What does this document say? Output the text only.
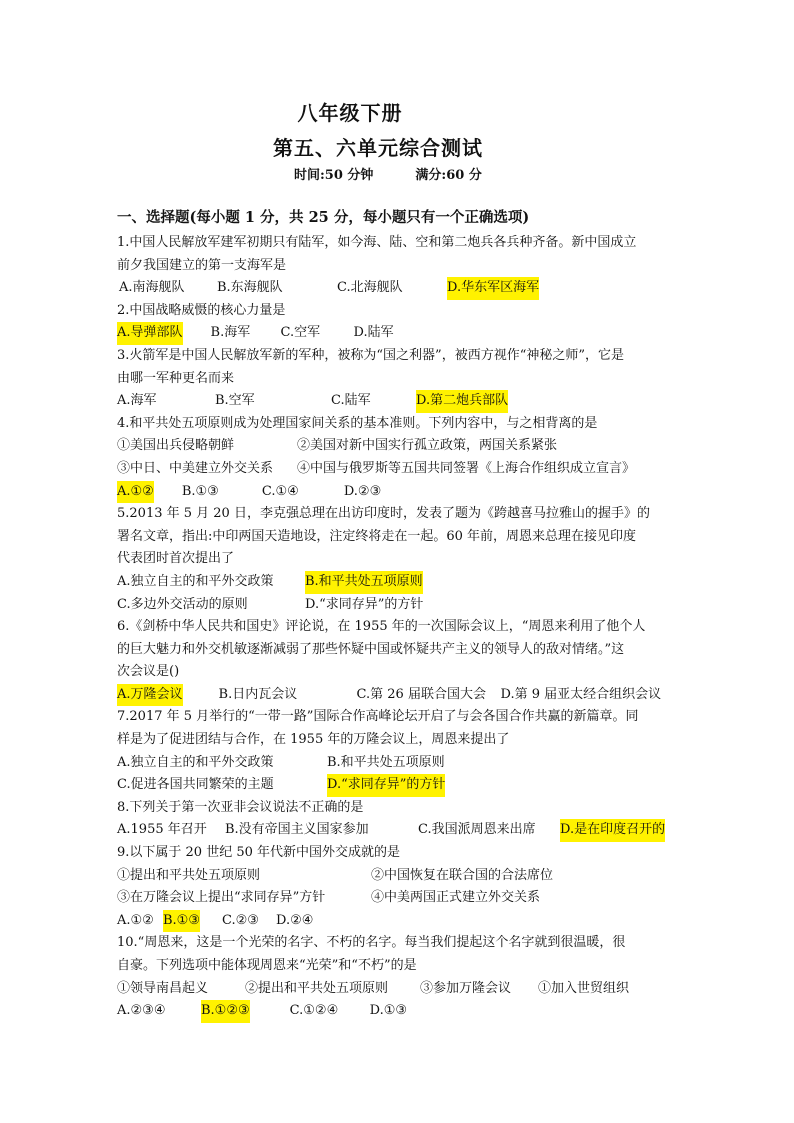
八年级下册
第五、六单元综合测试
时间:50 分钟	满分:60 分
一、选择题(每小题 1 分，共 25 分，每小题只有一个正确选项)
1.中国人民解放军建军初期只有陆军，如今海、陆、空和第二炮兵各兵种齐备。新中国成立
前夕我国建立的第一支海军是
A.南海舰队	B.东海舰队	C.北海舰队	D.华东军区海军
2.中国战略威慑的核心力量是
A.导弹部队 B.海军	C.空军	D.陆军
3.火箭军是中国人民解放军新的军种，被称为“国之利器”，被西方视作“神秘之师”，它是
由哪一军种更名而来
A.海军	B.空军	C.陆军	D.第二炮兵部队
4.和平共处五项原则成为处理国家间关系的基本准则。下列内容中，与之相背离的是
①美国出兵侵略朝鲜	②美国对新中国实行孤立政策，两国关系紧张
③中日、中美建立外交关系	④中国与俄罗斯等五国共同签署《上海合作组织成立宣言》
A.①② B.①③	C.①④	D.②③
5.2013 年 5 月 20 日，李克强总理在出访印度时，发表了题为《跨越喜马拉雅山的握手》的
署名文章，指出:中印两国天造地设，注定终将走在一起。60 年前，周恩来总理在接见印度
代表团时首次提出了
A.独立自主的和平外交政策	B.和平共处五项原则
C.多边外交活动的原则	D.“求同存异”的方针
6.《剑桥中华人民共和国史》评论说，在 1955 年的一次国际会议上，“周恩来利用了他个人
的巨大魅力和外交机敏逐渐减弱了那些怀疑中国或怀疑共产主义的领导人的敌对情绪。”这
次会议是()
A.万隆会议	B.日内瓦会议	C.第 26 届联合国大会	D.第 9 届亚太经合组织会议
7.2017 年 5 月举行的“一带一路”国际合作高峰论坛开启了与会各国合作共赢的新篇章。同
样是为了促进团结与合作，在 1955 年的万隆会议上，周恩来提出了
A.独立自主的和平外交政策	B.和平共处五项原则
C.促进各国共同繁荣的主题	D.“求同存异”的方针
8.下列关于第一次亚非会议说法不正确的是
A.1955 年召开	B.没有帝国主义国家参加	C.我国派周恩来出席	D.是在印度召开的
9.以下属于 20 世纪 50 年代新中国外交成就的是
①提出和平共处五项原则	②中国恢复在联合国的合法席位
③在万隆会议上提出“求同存异”方针	④中美两国正式建立外交关系
A.①② B.①③ C.②③	D.②④
10.“周恩来，这是一个光荣的名字、不朽的名字。每当我们提起这个名字就到很温暖，很
自豪。下列选项中能体现周恩来“光荣”和“不朽”的是
①领导南昌起义	②提出和平共处五项原则	③参加万隆会议	①加入世贸组织
A.②③④	B.①②③	C.①②④	D.①③
